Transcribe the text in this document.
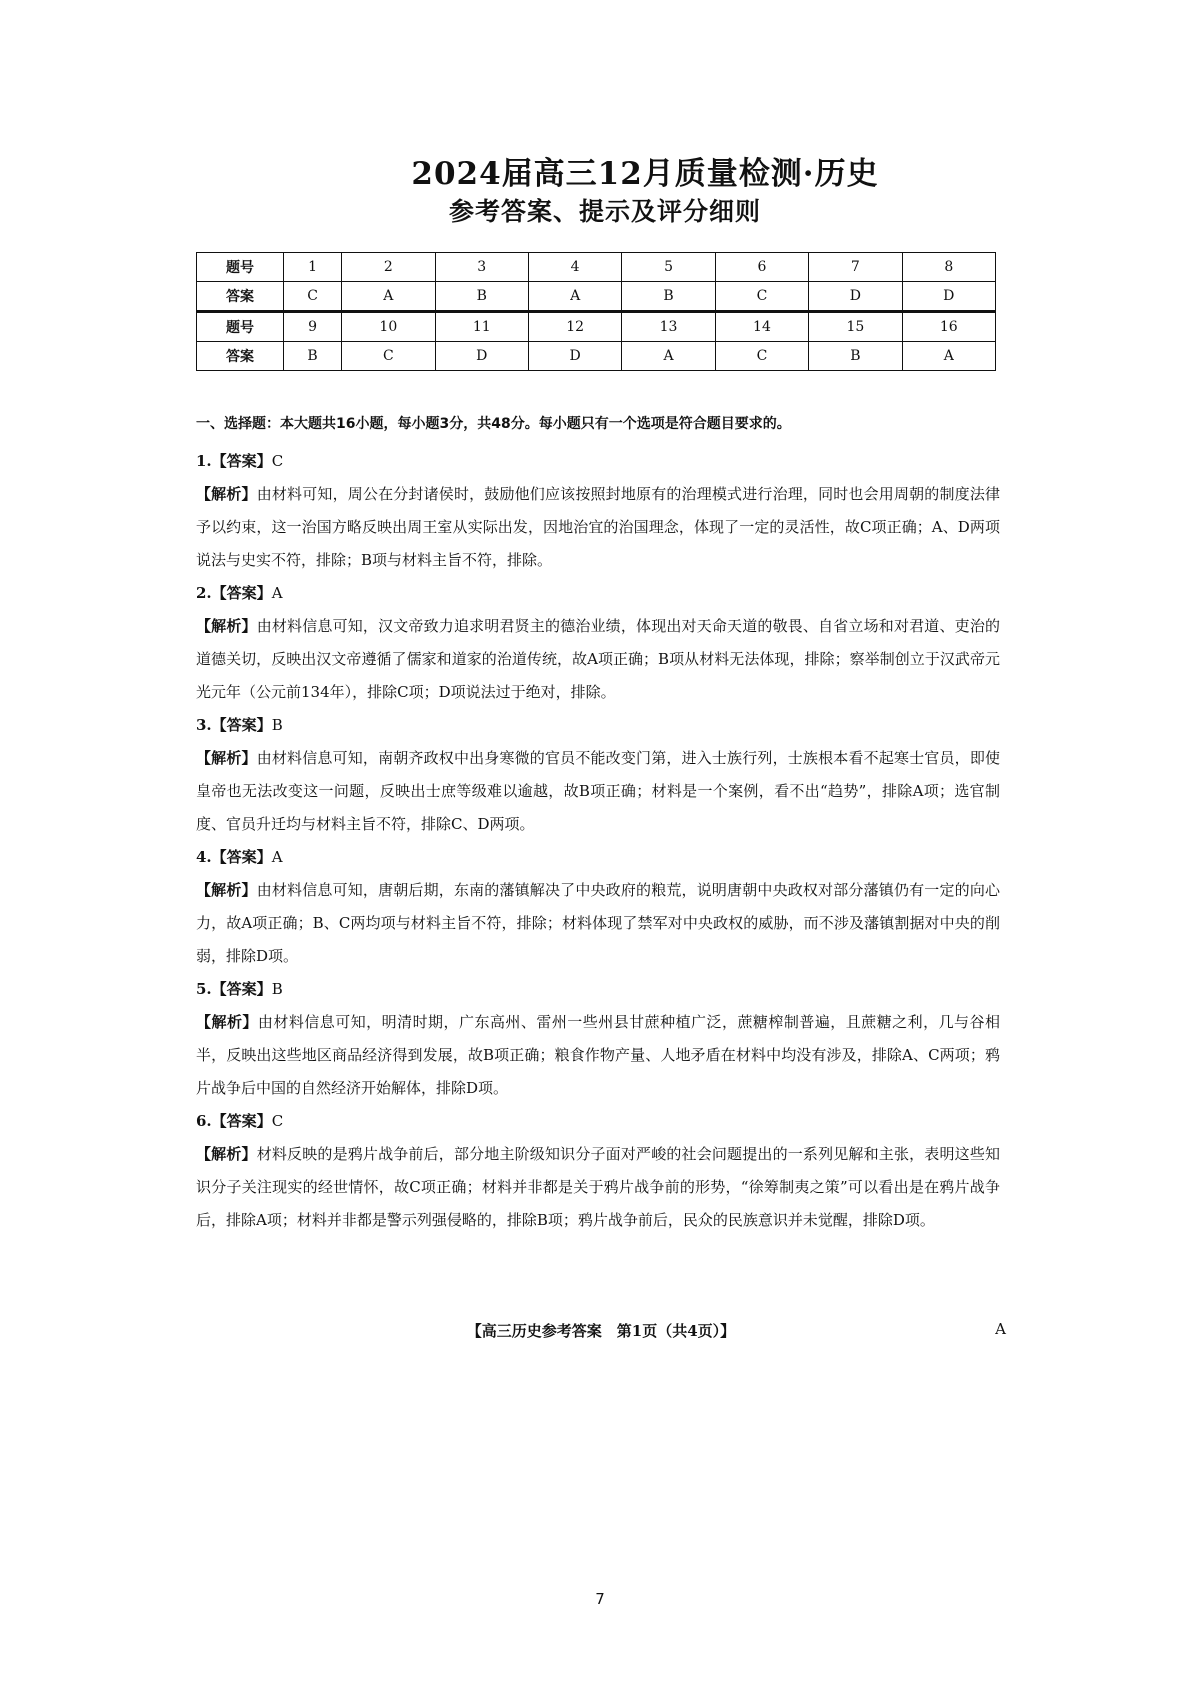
2024届高三12月质量检测·历史
参考答案、提示及评分细则
题号	1	2	3	4	5	6	7	8
答案	C	A	B	A	B	C	D	D
题号	9	10	11	12	13	14	15	16
答案	B	C	D	D	A	C	B	A
一、选择题：本大题共16小题，每小题3分，共48分。每小题只有一个选项是符合题目要求的。
1.【答案】C
【解析】由材料可知，周公在分封诸侯时，鼓励他们应该按照封地原有的治理模式进行治理，同时也会用周朝的制度法律予以约束，这一治国方略反映出周王室从实际出发，因地治宜的治国理念，体现了一定的灵活性，故C项正确；A、D两项说法与史实不符，排除；B项与材料主旨不符，排除。
2.【答案】A
【解析】由材料信息可知，汉文帝致力追求明君贤主的德治业绩，体现出对天命天道的敬畏、自省立场和对君道、吏治的道德关切，反映出汉文帝遵循了儒家和道家的治道传统，故A项正确；B项从材料无法体现，排除；察举制创立于汉武帝元光元年（公元前134年），排除C项；D项说法过于绝对，排除。
3.【答案】B
【解析】由材料信息可知，南朝齐政权中出身寒微的官员不能改变门第，进入士族行列，士族根本看不起寒士官员，即使皇帝也无法改变这一问题，反映出士庶等级难以逾越，故B项正确；材料是一个案例，看不出“趋势”，排除A项；选官制度、官员升迁均与材料主旨不符，排除C、D两项。
4.【答案】A
【解析】由材料信息可知，唐朝后期，东南的藩镇解决了中央政府的粮荒，说明唐朝中央政权对部分藩镇仍有一定的向心力，故A项正确；B、C两均项与材料主旨不符，排除；材料体现了禁军对中央政权的威胁，而不涉及藩镇割据对中央的削弱，排除D项。
5.【答案】B
【解析】由材料信息可知，明清时期，广东高州、雷州一些州县甘蔗种植广泛，蔗糖榨制普遍，且蔗糖之利，几与谷相半，反映出这些地区商品经济得到发展，故B项正确；粮食作物产量、人地矛盾在材料中均没有涉及，排除A、C两项；鸦片战争后中国的自然经济开始解体，排除D项。
6.【答案】C
【解析】材料反映的是鸦片战争前后，部分地主阶级知识分子面对严峻的社会问题提出的一系列见解和主张，表明这些知识分子关注现实的经世情怀，故C项正确；材料并非都是关于鸦片战争前的形势，“徐筹制夷之策”可以看出是在鸦片战争后，排除A项；材料并非都是警示列强侵略的，排除B项；鸦片战争前后，民众的民族意识并未觉醒，排除D项。
【高三历史参考答案　第1页（共4页）】	A
7
